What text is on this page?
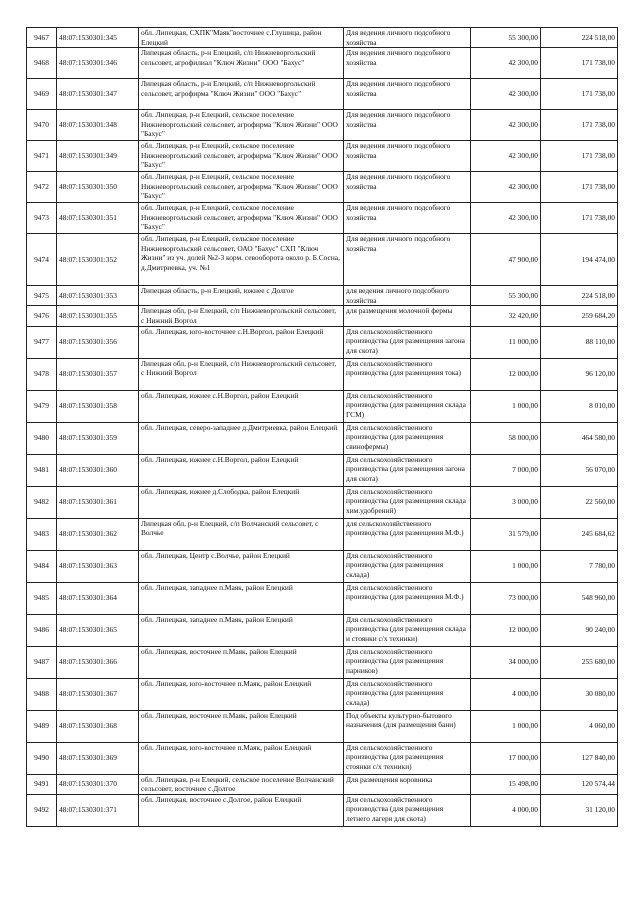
9467	48:07:1530301:345	обл. Липецкая, СХПК"Маяк"восточнее с.Глушица, район Елецкий	Для ведения личного подсобного хозяйства	55 300,00	224 518,00
9468	48:07:1530301:346	Липецкая область, р-н Елецкий, с/п Нижневоргольский сельсовет, агрофилиал "Ключ Жизни" ООО "Бахус"	Для ведения личного подсобного хозяйства	42 300,00	171 738,00
9469	48:07:1530301:347	Липецкая область, р-н Елецкий, с/п Нижневоргольский сельсовет, агрофирма "Ключ Жизни" ООО "Бахус"	Для ведения личного подсобного хозяйства	42 300,00	171 738,00
9470	48:07:1530301:348	обл. Липецкая, р-н Елецкий, сельское поселение Нижневоргольский сельсовет, агрофирма "Ключ Жизни" ООО "Бахус"	Для ведения личного подсобного хозяйства	42 300,00	171 738,00
9471	48:07:1530301:349	обл. Липецкая, р-н Елецкий, сельское поселение Нижневоргольский сельсовет, агрофирма "Ключ Жизни" ООО "Бахус"	Для ведения личного подсобного хозяйства	42 300,00	171 738,00
9472	48:07:1530301:350	обл. Липецкая, р-н Елецкий, сельское поселение Нижневоргольский сельсовет, агрофирма "Ключ Жизни" ООО "Бахус"	Для ведения личного подсобного хозяйства	42 300,00	171 738,00
9473	48:07:1530301:351	обл. Липецкая, р-н Елецкий, сельское поселение Нижневоргольский сельсовет, агрофирма "Ключ Жизни" ООО "Бахус"	Для ведения личного подсобного хозяйства	42 300,00	171 738,00
9474	48:07:1530301:352	обл. Липецкая, р-н Елецкий, сельское поселение Нижневоргольский сельсовет, ОАО "Бахус" СХП "Ключ Жизни" из уч. долей №2-3 корм. севооборота около р. Б.Сосна, д.Дмитриевка, уч. №1	Для ведения личного подсобного хозяйства	47 900,00	194 474,00
9475	48:07:1530301:353	Липецкая область, р-н Елецкий, южнее с Долгое	для ведения личного подсобного хозяйства	55 300,00	224 518,00
9476	48:07:1530301:355	Липецкая обл, р-н Елецкий, с/п Нижневоргольский сельсовет, с Нижний Воргол	для размещения молочной фермы	32 420,00	259 684,20
9477	48:07:1530301:356	обл. Липецкая, юго-восточнее с.Н.Воргол, район Елецкий	Для сельскохозяйственного производства (для размещения загона для скота)	11 000,00	88 110,00
9478	48:07:1530301:357	Липецкая обл, р-н Елецкий, с/п Нижневоргольский сельсовет, с Нижний Воргол	Для сельскохозяйственного производства (для размещения тока)	12 000,00	96 120,00
9479	48:07:1530301:358	обл. Липецкая, южнее с.Н.Воргол, район Елецкий	Для сельскохозяйственного производства (для размещения склада ГСМ)	1 000,00	8 010,00
9480	48:07:1530301:359	обл. Липецкая, северо-западнее д.Дмитриевка, район Елецкий	Для сельскохозяйственного производства (для размещения свинофермы)	58 000,00	464 580,00
9481	48:07:1530301:360	обл. Липецкая, южнее с.Н.Воргол, район Елецкий	Для сельскохозяйственного производства (для размещения загона для скота)	7 000,00	56 070,00
9482	48:07:1530301:361	обл. Липецкая, южнее д.Слободка, район Елецкий	Для сельскохозяйственного производства (для размещения склада хим.удобрений)	3 000,00	22 560,00
9483	48:07:1530301:362	Липецкая обл, р-н Елецкий, с/п Волчанский сельсовет, с Волчье	для сельскохозяйственного производства (для размещения М.Ф.)	31 579,00	245 684,62
9484	48:07:1530301:363	обл. Липецкая, Центр с.Волчье, район Елецкий	Для сельскохозяйственного производства (для размещения склада)	1 000,00	7 780,00
9485	48:07:1530301:364	обл. Липецкая, западнее п.Маяк, район Елецкий	Для сельскохозяйственного производства (для размещения М.Ф.)	73 000,00	548 960,00
9486	48:07:1530301:365	обл. Липецкая, западнее п.Маяк, район Елецкий	Для сельскохозяйственного производства (для размещения склада и стоянки с/х техники)	12 000,00	90 240,00
9487	48:07:1530301:366	обл. Липецкая, восточнее п.Маяк, район Елецкий	Для сельскохозяйственного производства (для размещения парников)	34 000,00	255 680,00
9488	48:07:1530301:367	обл. Липецкая, юго-восточнее п.Маяк, район Елецкий	Для сельскохозяйственного производства (для размещения склада)	4 000,00	30 080,00
9489	48:07:1530301:368	обл. Липецкая, восточнее п.Маяк, район Елецкий	Под объекты культурно-бытового назначения (для размещения бани)	1 000,00	4 060,00
9490	48:07:1530301:369	обл. Липецкая, юго-восточнее п.Маяк, район Елецкий	Для сельскохозяйственного производства (для размещения стоянки с/х техники)	17 000,00	127 840,00
9491	48:07:1530301:370	обл. Липецкая, р-н Елецкий, сельское поселение Волчанский сельсовет, восточнее с.Долгое	Для размещения коровника	15 498,00	120 574,44
9492	48:07:1530301:371	обл. Липецкая, восточнее с.Долгое, район Елецкий	Для сельскохозяйственного производства (для размещения летнего лагеря для скота)	4 000,00	31 120,00
